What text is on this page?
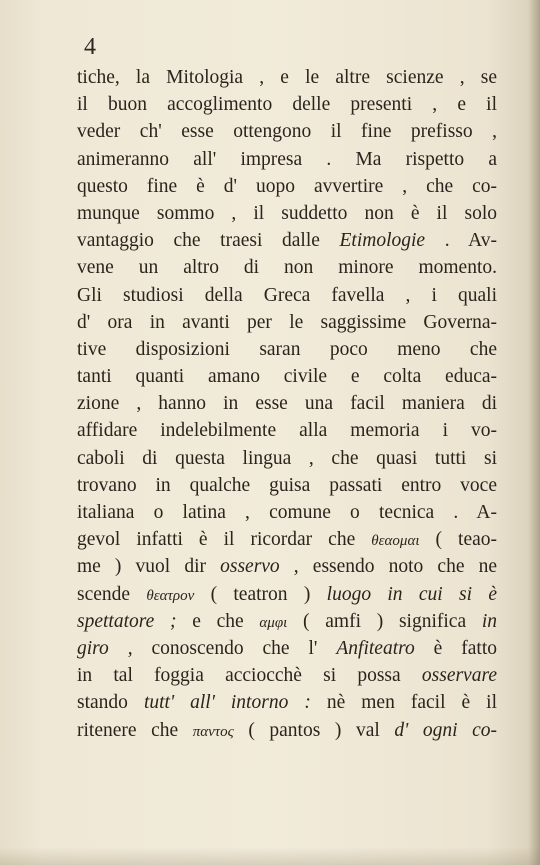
4
tiche, la Mitologia , e le altre scienze , se
il buon accoglimento delle presenti , e il
veder ch' esse ottengono il fine prefisso ,
animeranno all' impresa . Ma rispetto a
questo fine è d' uopo avvertire , che co-
munque sommo , il suddetto non è il solo
vantaggio che traesi dalle Etimologie . Av-
vene un altro di non minore momento.
Gli studiosi della Greca favella , i quali
d' ora in avanti per le saggissime Governa-
tive disposizioni saran poco meno che
tanti quanti amano civile e colta educa-
zione , hanno in esse una facil maniera di
affidare indelebilmente alla memoria i vo-
caboli di questa lingua , che quasi tutti si
trovano in qualche guisa passati entro voce
italiana o latina , comune o tecnica . A-
gevol infatti è il ricordar che θεαομαι ( teao-
me ) vuol dir osservo , essendo noto che ne
scende θεατρον ( teatron ) luogo in cui si è
spettatore ; e che αμφι ( amfi ) significa in
giro , conoscendo che l' Anfiteatro è fatto
in tal foggia acciocchè si possa osservare
stando tutt' all' intorno : nè men facil è il
ritenere che παντος ( pantos ) val d' ogni co-
